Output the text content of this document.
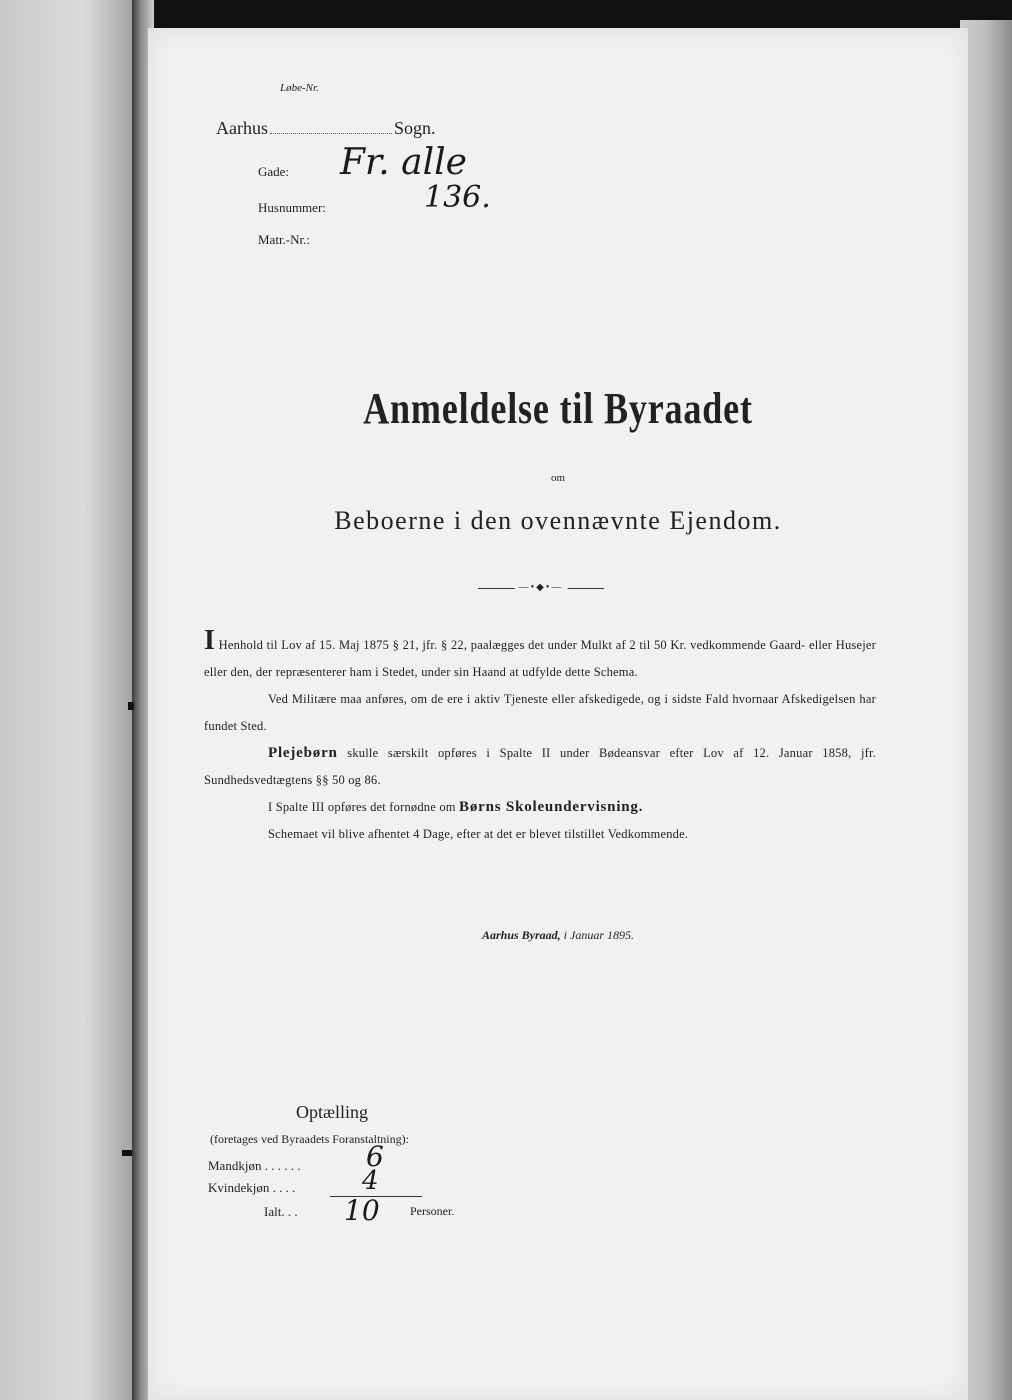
Løbe-Nr.
Aarhus	Sogn.
Gade: Fr. alle
Husnummer:	136.
Matr.-Nr.:
Anmeldelse til Byraadet
om
Beboerne i den ovennævnte Ejendom.
—•◆•—

I Henhold til Lov af 15. Maj 1875 § 21, jfr. § 22, paalægges det under Mulkt af 2 til 50 Kr. vedkommende Gaard- eller Husejer eller den, der repræsenterer ham i Stedet, under sin Haand at udfylde dette Schema.

Ved Militære maa anføres, om de ere i aktiv Tjeneste eller afskedigede, og i sidste Fald hvornaar Afskedigelsen har fundet Sted.

Plejebørn skulle særskilt opføres i Spalte II under Bødeansvar efter Lov af 12. Januar 1858, jfr. Sundhedsvedtægtens §§ 50 og 86.

I Spalte III opføres det fornødne om Børns Skoleundervisning.

Schemaet vil blive afhentet 4 Dage, efter at det er blevet tilstillet Vedkommende.

Aarhus Byraad, i Januar 1895.
Optælling
(foretages ved Byraadets Foranstaltning):
Mandkjøn . . . . . . 6
Kvindekjøn . . . .	4
Ialt. . . 10	Personer.
